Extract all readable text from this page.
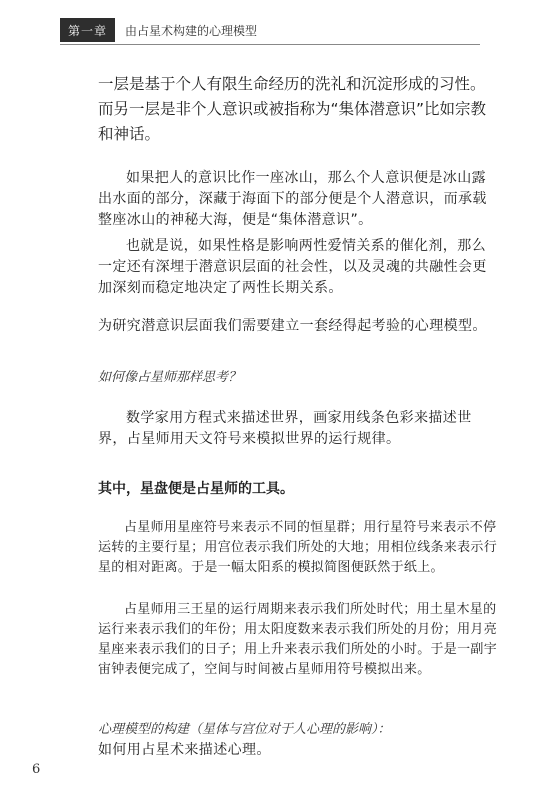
第一章	由占星术构建的心理模型

一层是基于个人有限生命经历的洗礼和沉淀形成的习性。而另一层是非个人意识或被指称为“集体潜意识”比如宗教和神话。

如果把人的意识比作一座冰山，那么个人意识便是冰山露出水面的部分，深藏于海面下的部分便是个人潜意识，而承载整座冰山的神秘大海，便是“集体潜意识”。

也就是说，如果性格是影响两性爱情关系的催化剂，那么一定还有深埋于潜意识层面的社会性，以及灵魂的共融性会更加深刻而稳定地决定了两性长期关系。

为研究潜意识层面我们需要建立一套经得起考验的心理模型。

如何像占星师那样思考？

数学家用方程式来描述世界，画家用线条色彩来描述世界，占星师用天文符号来模拟世界的运行规律。

其中，星盘便是占星师的工具。

占星师用星座符号来表示不同的恒星群；用行星符号来表示不停运转的主要行星；用宫位表示我们所处的大地；用相位线条来表示行星的相对距离。于是一幅太阳系的模拟简图便跃然于纸上。

占星师用三王星的运行周期来表示我们所处时代；用土星木星的运行来表示我们的年份；用太阳度数来表示我们所处的月份；用月亮星座来表示我们的日子；用上升来表示我们所处的小时。于是一副宇宙钟表便完成了，空间与时间被占星师用符号模拟出来。

心理模型的构建（星体与宫位对于人心理的影响）：

如何用占星术来描述心理。

6
